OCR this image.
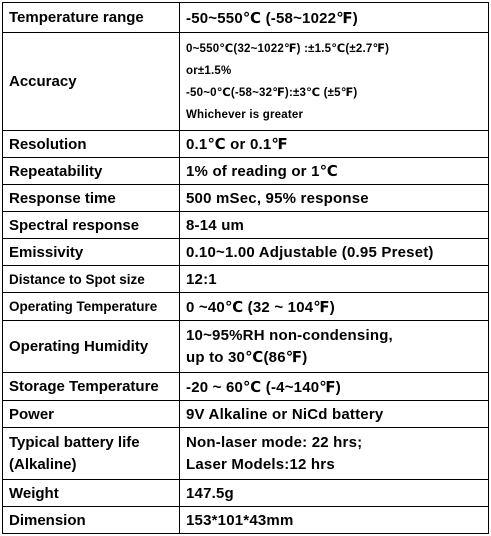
Temperature range	-50~550℃ (-58~1022℉)
Accuracy	0~550℃(32~1022℉) :±1.5℃(±2.7℉)
or±1.5%
-50~0℃(-58~32℉):±3℃ (±5℉)
Whichever is greater

Resolution	0.1℃ or 0.1℉
Repeatability	1% of reading or 1℃
Response time	500 mSec, 95% response
Spectral response	8-14 um
Emissivity	0.10~1.00 Adjustable (0.95 Preset)
Distance to Spot size	12:1
Operating Temperature	0 ~40℃ (32 ~ 104℉)
Operating Humidity	10~95%RH non-condensing,
up to 30℃(86℉)

Storage Temperature	-20 ~ 60℃ (-4~140℉)
Power	9V Alkaline or NiCd battery

Typical battery life
(Alkaline)	Non-laser mode: 22 hrs;
Laser Models:12 hrs

Weight	147.5g
Dimension	153*101*43mm
